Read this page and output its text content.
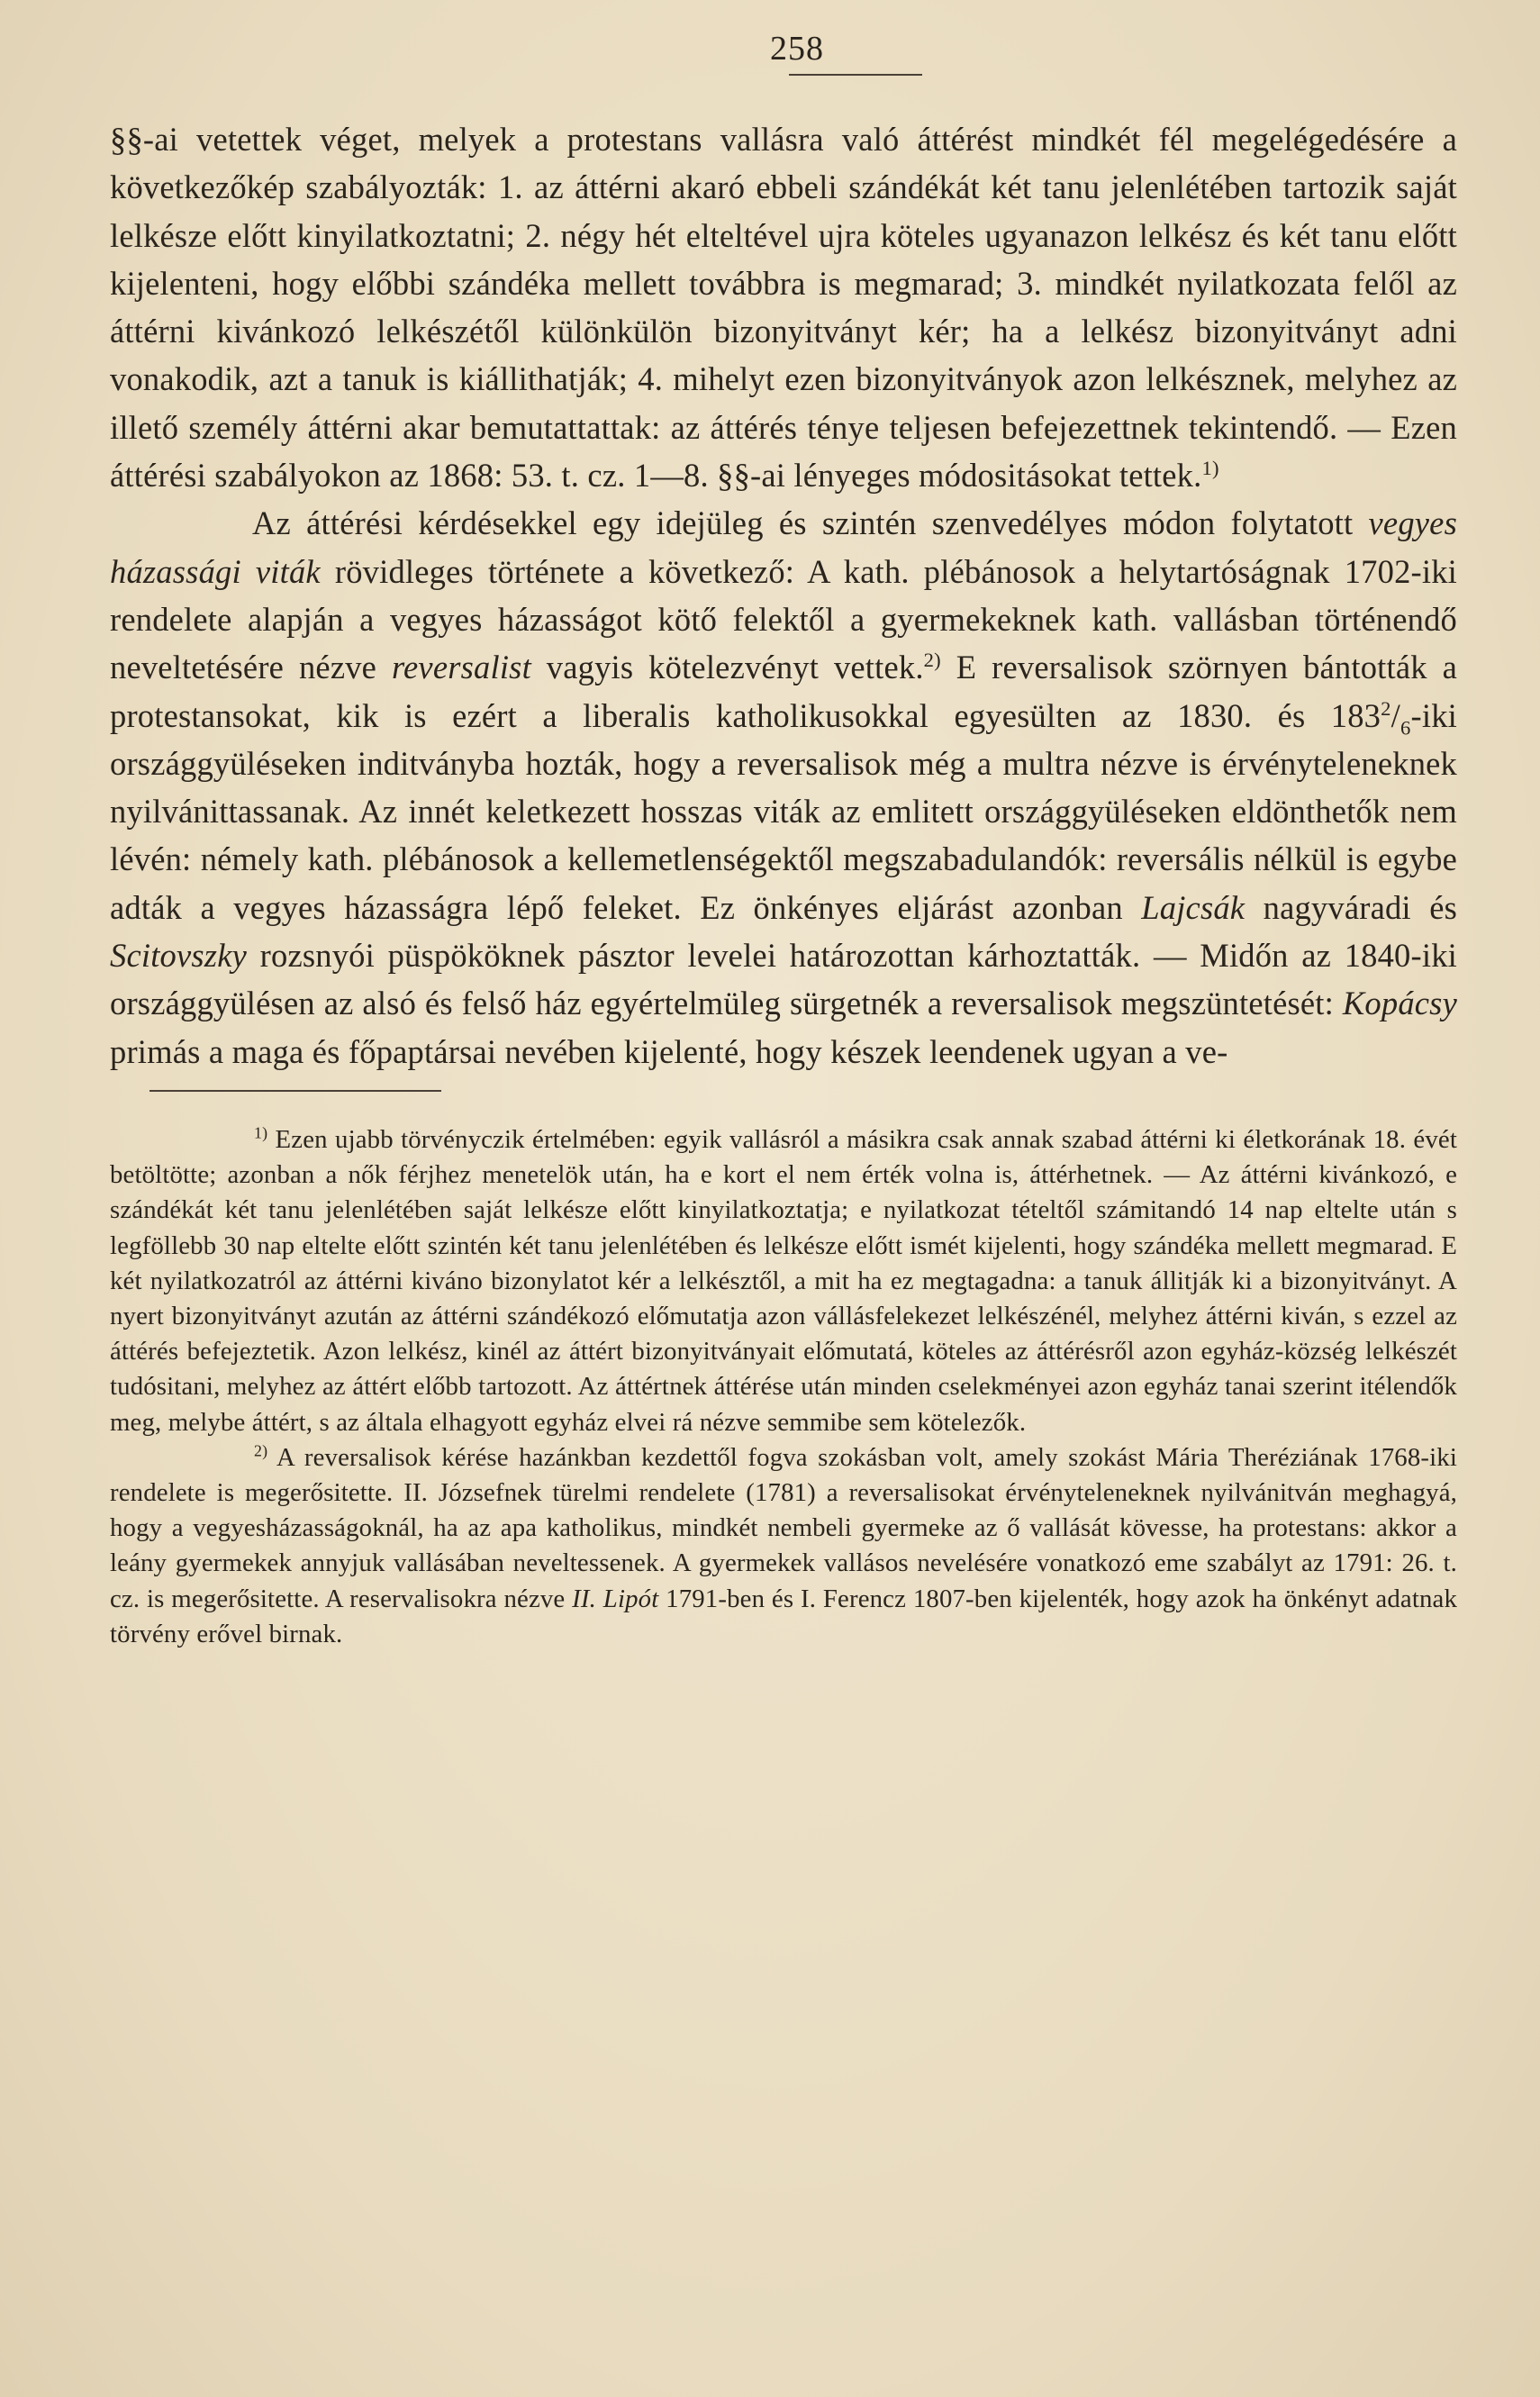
258

§§-ai vetettek véget, melyek a protestans vallásra való áttérést mindkét fél megelégedésére a következőkép szabályozták: 1. az áttérni akaró ebbeli szándékát két tanu jelenlétében tartozik saját lelkésze előtt kinyilatkoztatni; 2. négy hét elteltével ujra köteles ugyanazon lelkész és két tanu előtt kijelenteni, hogy előbbi szándéka mellett továbbra is megmarad; 3. mindkét nyilatkozata felől az áttérni kivánkozó lelkészétől különkülön bizonyitványt kér; ha a lelkész bizonyitványt adni vonakodik, azt a tanuk is kiállithatják; 4. mihelyt ezen bizonyitványok azon lelkésznek, melyhez az illető személy áttérni akar bemutattattak: az áttérés ténye teljesen befejezettnek tekintendő. — Ezen áttérési szabályokon az 1868: 53. t. cz. 1—8. §§-ai lényeges módositásokat tettek.$^{1)}$

Az áttérési kérdésekkel egy idejüleg és szintén szenvedélyes módon folytatott vegyes házassági viták rövidleges története a következő: A kath. plébánosok a helytartóságnak 1702-iki rendelete alapján a vegyes házasságot kötő felektől a gyermekeknek kath. vallásban történendő neveltetésére nézve reversalist vagyis kötelezvényt vettek.$^{2)}$ E reversalisok szörnyen bántották a protestansokat, kik is ezért a liberalis katholikusokkal egyesülten az 1830. és $183^2/_6$-iki országgyüléseken inditványba hozták, hogy a reversalisok még a multra nézve is érvényteleneknek nyilvánittassanak. Az innét keletkezett hosszas viták az emlitett országgyüléseken eldönthetők nem lévén: némely kath. plébánosok a kellemetlenségektől megszabadulandók: reversális nélkül is egybe adták a vegyes házasságra lépő feleket. Ez önkényes eljárást azonban Lajcsák nagyváradi és Scitovszky rozsnyói püspököknek pásztor levelei határozottan kárhoztatták. — Midőn az 1840-iki országgyülésen az alsó és felső ház egyértelmüleg sürgetnék a reversalisok megszüntetését: Kopácsy primás a maga és főpaptársai nevében kijelenté, hogy készek leendenek ugyan a ve-

$^{1)}$ Ezen ujabb törvényczik értelmében: egyik vallásról a másikra csak annak szabad áttérni ki életkorának 18. évét betöltötte; azonban a nők férjhez menetelök után, ha e kort el nem érték volna is, áttérhetnek. — Az áttérni kivánkozó, e szándékát két tanu jelenlétében saját lelkésze előtt kinyilatkoztatja; e nyilatkozat tételtől számitandó 14 nap eltelte után s legföllebb 30 nap eltelte előtt szintén két tanu jelenlétében és lelkésze előtt ismét kijelenti, hogy szándéka mellett megmarad. E két nyilatkozatról az áttérni kiváno bizonylatot kér a lelkésztől, a mit ha ez megtagadna: a tanuk állitják ki a bizonyitványt. A nyert bizonyitványt azután az áttérni szándékozó előmutatja azon vállásfelekezet lelkészénél, melyhez áttérni kiván, s ezzel az áttérés befejeztetik. Azon lelkész, kinél az áttért bizonyitványait előmutatá, köteles az áttérésről azon egyház-község lelkészét tudósitani, melyhez az áttért előbb tartozott. Az áttértnek áttérése után minden cselekményei azon egyház tanai szerint itélendők meg, melybe áttért, s az általa elhagyott egyház elvei rá nézve semmibe sem kötelezők.

$^{2)}$ A reversalisok kérése hazánkban kezdettől fogva szokásban volt, amely szokást Mária Theréziának 1768-iki rendelete is megerősitette. II. Józsefnek türelmi rendelete (1781) a reversalisokat érvényteleneknek nyilvánitván meghagyá, hogy a vegyesházasságoknál, ha az apa katholikus, mindkét nembeli gyermeke az ő vallását kövesse, ha protestans: akkor a leány gyermekek annyjuk vallásában neveltessenek. A gyermekek vallásos nevelésére vonatkozó eme szabályt az 1791: 26. t. cz. is megerősitette. A reservalisokra nézve II. Lipót 1791-ben és I. Ferencz 1807-ben kijelenték, hogy azok ha önkényt adatnak törvény erővel birnak.
